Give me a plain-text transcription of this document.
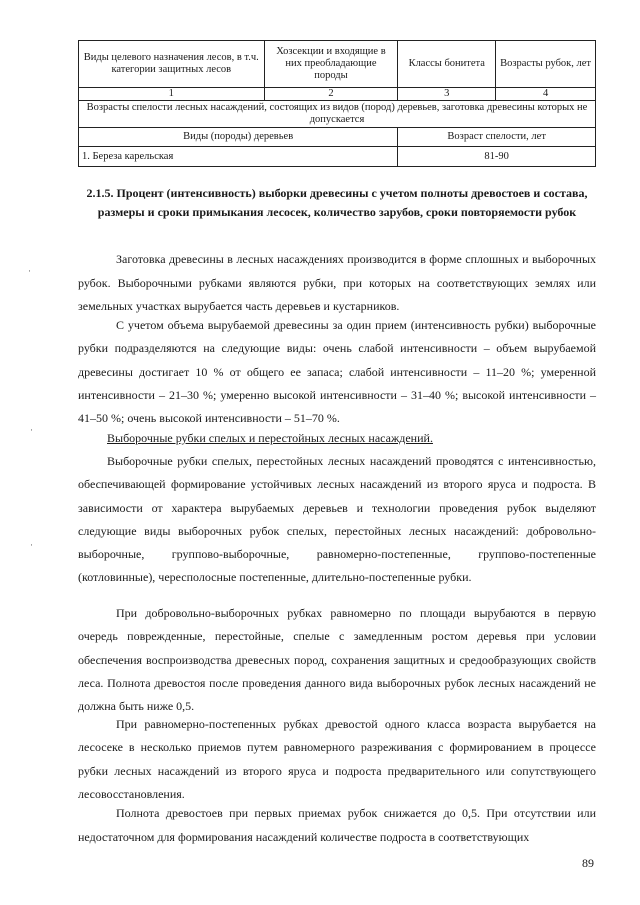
Виды целевого назначения лесов, в т.ч. категории защитных лесов	Хозсекции и входящие в них преобладающие породы	Классы бонитета	Возрасты рубок, лет
1	2	3	4
Возрасты спелости лесных насаждений, состоящих из видов (пород) деревьев, заготовка древесины которых не допускается			
Виды (породы) деревьев		Возраст спелости, лет	
1. Береза карельская		81-90	
2.1.5. Процент (интенсивность) выборки древесины с учетом полноты древостоев и состава, размеры и сроки примыкания лесосек, количество зарубов, сроки повторяемости рубок

Заготовка древесины в лесных насаждениях производится в форме сплошных и выборочных рубок. Выборочными рубками являются рубки, при которых на соответствующих землях или земельных участках вырубается часть деревьев и кустарников.

С учетом объема вырубаемой древесины за один прием (интенсивность рубки) выборочные рубки подразделяются на следующие виды: очень слабой интенсивности – объем вырубаемой древесины достигает 10 % от общего ее запаса; слабой интенсивности – 11–20 %; умеренной интенсивности – 21–30 %; умеренно высокой интенсивности – 31–40 %; высокой интенсивности – 41–50 %; очень высокой интенсивности – 51–70 %.

Выборочные рубки спелых и перестойных лесных насаждений.

Выборочные рубки спелых, перестойных лесных насаждений проводятся с интенсивностью, обеспечивающей формирование устойчивых лесных насаждений из второго яруса и подроста. В зависимости от характера вырубаемых деревьев и технологии проведения рубок выделяют следующие виды выборочных рубок спелых, перестойных лесных насаждений: добровольно-выборочные, группово-выборочные, равномерно-постепенные, группово-постепенные (котловинные), чересполосные постепенные, длительно-постепенные рубки.

При добровольно-выборочных рубках равномерно по площади вырубаются в первую очередь поврежденные, перестойные, спелые с замедленным ростом деревья при условии обеспечения воспроизводства древесных пород, сохранения защитных и средообразующих свойств леса. Полнота древостоя после проведения данного вида выборочных рубок лесных насаждений не должна быть ниже 0,5.

При равномерно-постепенных рубках древостой одного класса возраста вырубается на лесосеке в несколько приемов путем равномерного разреживания с формированием в процессе рубки лесных насаждений из второго яруса и подроста предварительного или сопутствующего лесовосстановления.

Полнота древостоев при первых приемах рубок снижается до 0,5. При отсутствии или недостаточном для формирования насаждений количестве подроста в соответствующих

·
·
·
89
